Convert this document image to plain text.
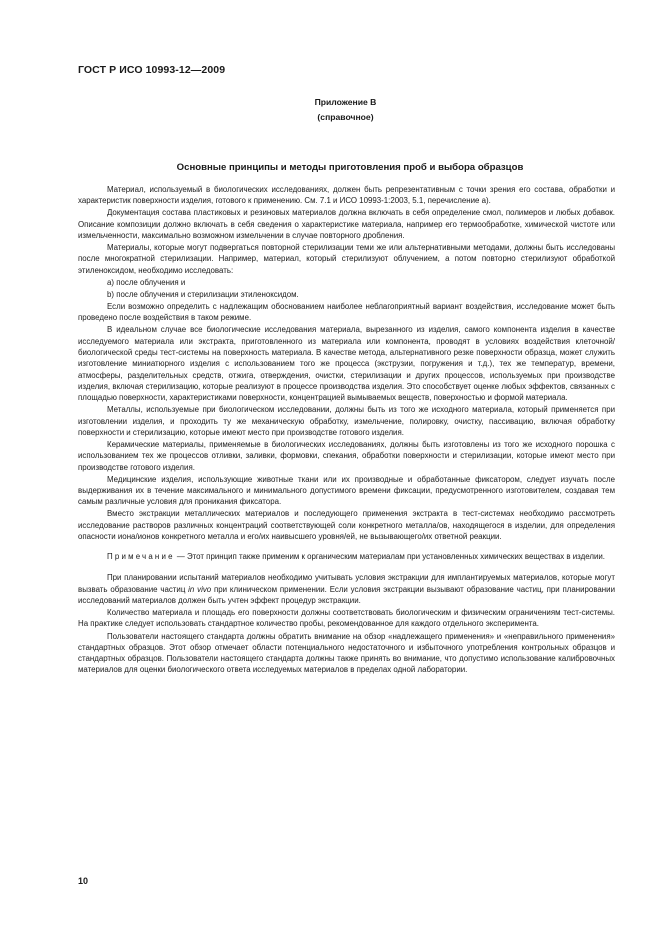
ГОСТ Р ИСО 10993-12—2009
Приложение В
(справочное)
Основные принципы и методы приготовления проб и выбора образцов

Материал, используемый в биологических исследованиях, должен быть репрезентативным с точки зрения его состава, обработки и характеристик поверхности изделия, готового к применению. См. 7.1 и ИСО 10993-1:2003, 5.1, перечисление а).

Документация состава пластиковых и резиновых материалов должна включать в себя определение смол, полимеров и любых добавок. Описание композиции должно включать в себя сведения о характеристике материала, например его термообработке, химической чистоте или измельченности, максимально возможном измельчении в случае повторного дробления.

Материалы, которые могут подвергаться повторной стерилизации теми же или альтернативными методами, должны быть исследованы после многократной стерилизации. Например, материал, который стерилизуют облучением, а потом повторно стерилизуют обработкой этиленоксидом, необходимо исследовать:

a) после облучения и

b) после облучения и стерилизации этиленоксидом.

Если возможно определить с надлежащим обоснованием наиболее неблагоприятный вариант воздействия, исследование может быть проведено после воздействия в таком режиме.

В идеальном случае все биологические исследования материала, вырезанного из изделия, самого компонента изделия в качестве исследуемого материала или экстракта, приготовленного из материала или компонента, проводят в условиях воздействия клеточной/биологической среды тест-системы на поверхность материала. В качестве метода, альтернативного резке поверхности образца, может служить изготовление миниатюрного изделия с использованием того же процесса (экструзии, погружения и т.д.), тех же температур, времени, атмосферы, разделительных средств, отжига, отверждения, очистки, стерилизации и других процессов, используемых при производстве изделия, включая стерилизацию, которые реализуют в процессе производства изделия. Это способствует оценке любых эффектов, связанных с площадью поверхности, характеристиками поверхности, концентрацией вымываемых веществ, поверхностью и формой материала.

Металлы, используемые при биологическом исследовании, должны быть из того же исходного материала, который применяется при изготовлении изделия, и проходить ту же механическую обработку, измельчение, полировку, очистку, пассивацию, включая обработку поверхности и стерилизацию, которые имеют место при производстве готового изделия.

Керамические материалы, применяемые в биологических исследованиях, должны быть изготовлены из того же исходного порошка с использованием тех же процессов отливки, заливки, формовки, спекания, обработки поверхности и стерилизации, которые имеют место при производстве готового изделия.

Медицинские изделия, использующие животные ткани или их производные и обработанные фиксатором, следует изучать после выдерживания их в течение максимального и минимального допустимого времени фиксации, предусмотренного изготовителем, создавая тем самым различные условия для проникания фиксатора.

Вместо экстракции металлических материалов и последующего применения экстракта в тест-системах необходимо рассмотреть исследование растворов различных концентраций соответствующей соли конкретного металла/ов, находящегося в изделии, для определения опасности иона/ионов конкретного металла и его/их наивысшего уровня/ей, не вызывающего/их ответной реакции.

Примечание — Этот принцип также применим к органическим материалам при установленных химических веществах в изделии.

При планировании испытаний материалов необходимо учитывать условия экстракции для имплантируемых материалов, которые могут вызвать образование частиц in vivo при клиническом применении. Если условия экстракции вызывают образование частиц, при планировании исследований материалов должен быть учтен эффект процедур экстракции.

Количество материала и площадь его поверхности должны соответствовать биологическим и физическим ограничениям тест-системы. На практике следует использовать стандартное количество пробы, рекомендованное для каждого отдельного эксперимента.

Пользователи настоящего стандарта должны обратить внимание на обзор «надлежащего применения» и «неправильного применения» стандартных образцов. Этот обзор отмечает области потенциального недостаточного и избыточного употребления контрольных образцов и стандартных образцов. Пользователи настоящего стандарта должны также принять во внимание, что допустимо использование калибровочных материалов для оценки биологического ответа исследуемых материалов в пределах одной лаборатории.

10
